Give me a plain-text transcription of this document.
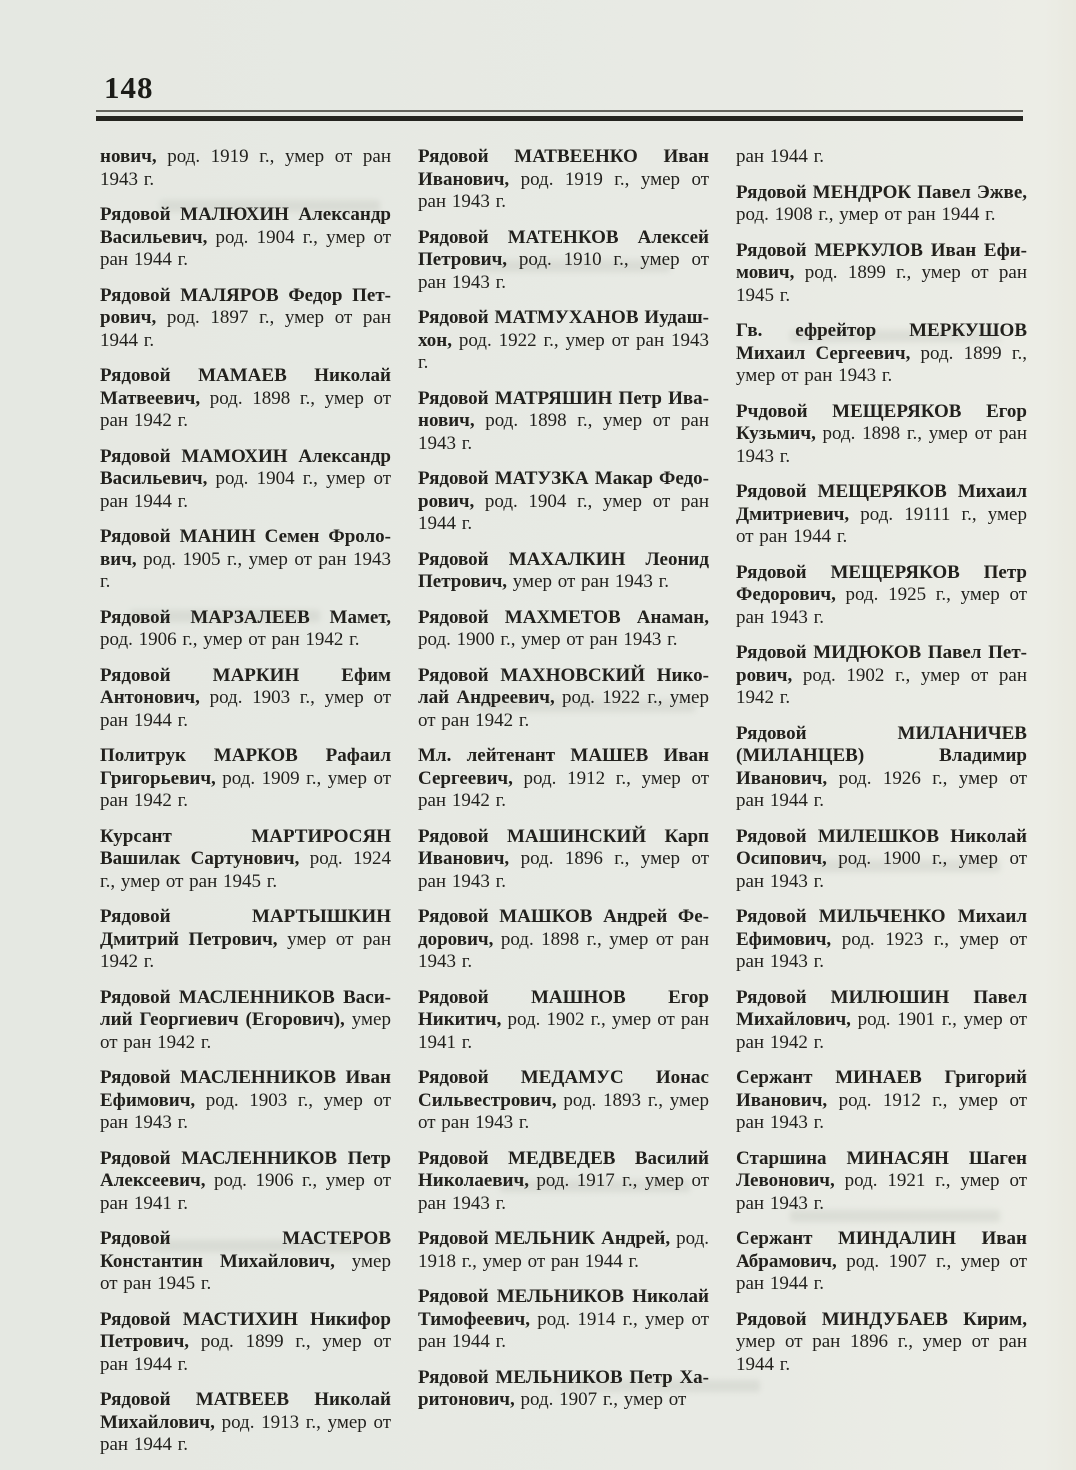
148

нович, род. 1919 г., умер от ран 1943 г.

Рядовой МАЛЮХИН Александр Васильевич, род. 1904 г., умер от ран 1944 г.

Рядовой МАЛЯРОВ Федор Петрович, род. 1897 г., умер от ран 1944 г.

Рядовой МАМАЕВ Николай Матвеевич, род. 1898 г., умер от ран 1942 г.

Рядовой МАМОХИН Александр Васильевич, род. 1904 г., умер от ран 1944 г.

Рядовой МАНИН Семен Фролович, род. 1905 г., умер от ран 1943 г.

Рядовой МАРЗАЛЕЕВ Мамет, род. 1906 г., умер от ран 1942 г.

Рядовой МАРКИН Ефим Антонович, род. 1903 г., умер от ран 1944 г.

Политрук МАРКОВ Рафаил Григорьевич, род. 1909 г., умер от ран 1942 г.

Курсант МАРТИРОСЯН Вашилак Сартунович, род. 1924 г., умер от ран 1945 г.

Рядовой МАРТЫШКИН Дмитрий Петрович, умер от ран 1942 г.

Рядовой МАСЛЕННИКОВ Василий Георгиевич (Егорович), умер от ран 1942 г.

Рядовой МАСЛЕННИКОВ Иван Ефимович, род. 1903 г., умер от ран 1943 г.

Рядовой МАСЛЕННИКОВ Петр Алексеевич, род. 1906 г., умер от ран 1941 г.

Рядовой МАСТЕРОВ Константин Михайлович, умер от ран 1945 г.

Рядовой МАСТИХИН Никифор Петрович, род. 1899 г., умер от ран 1944 г.

Рядовой МАТВЕЕВ Николай Михайлович, род. 1913 г., умер от ран 1944 г.

Рядовой МАТВЕЕНКО Иван Иванович, род. 1919 г., умер от ран 1943 г.

Рядовой МАТЕНКОВ Алексей Петрович, род. 1910 г., умер от ран 1943 г.

Рядовой МАТМУХАНОВ Иудашхон, род. 1922 г., умер от ран 1943 г.

Рядовой МАТРЯШИН Петр Иванович, род. 1898 г., умер от ран 1943 г.

Рядовой МАТУЗКА Макар Федорович, род. 1904 г., умер от ран 1944 г.

Рядовой МАХАЛКИН Леонид Петрович, умер от ран 1943 г.

Рядовой МАХМЕТОВ Анаман, род. 1900 г., умер от ран 1943 г.

Рядовой МАХНОВСКИЙ Николай Андреевич, род. 1922 г., умер от ран 1942 г.

Мл. лейтенант МАШЕВ Иван Сергеевич, род. 1912 г., умер от ран 1942 г.

Рядовой МАШИНСКИЙ Карп Иванович, род. 1896 г., умер от ран 1943 г.

Рядовой МАШКОВ Андрей Федорович, род. 1898 г., умер от ран 1943 г.

Рядовой МАШНОВ Егор Никитич, род. 1902 г., умер от ран 1941 г.

Рядовой МЕДАМУС Ионас Сильвестрович, род. 1893 г., умер от ран 1943 г.

Рядовой МЕДВЕДЕВ Василий Николаевич, род. 1917 г., умер от ран 1943 г.

Рядовой МЕЛЬНИК Андрей, род. 1918 г., умер от ран 1944 г.

Рядовой МЕЛЬНИКОВ Николай Тимофеевич, род. 1914 г., умер от ран 1944 г.

Рядовой МЕЛЬНИКОВ Петр Харитонович, род. 1907 г., умер от

ран 1944 г.

Рядовой МЕНДРОК Павел Эжве, род. 1908 г., умер от ран 1944 г.

Рядовой МЕРКУЛОВ Иван Ефимович, род. 1899 г., умер от ран 1945 г.

Гв. ефрейтор МЕРКУШОВ Михаил Сергеевич, род. 1899 г., умер от ран 1943 г.

Рчдовой МЕЩЕРЯКОВ Егор Кузьмич, род. 1898 г., умер от ран 1943 г.

Рядовой МЕЩЕРЯКОВ Михаил Дмитриевич, род. 19111 г., умер от ран 1944 г.

Рядовой МЕЩЕРЯКОВ Петр Федорович, род. 1925 г., умер от ран 1943 г.

Рядовой МИДЮКОВ Павел Петрович, род. 1902 г., умер от ран 1942 г.

Рядовой МИЛАНИЧЕВ (МИЛАНЦЕВ) Владимир Иванович, род. 1926 г., умер от ран 1944 г.

Рядовой МИЛЕШКОВ Николай Осипович, род. 1900 г., умер от ран 1943 г.

Рядовой МИЛЬЧЕНКО Михаил Ефимович, род. 1923 г., умер от ран 1943 г.

Рядовой МИЛЮШИН Павел Михайлович, род. 1901 г., умер от ран 1942 г.

Сержант МИНАЕВ Григорий Иванович, род. 1912 г., умер от ран 1943 г.

Старшина МИНАСЯН Шаген Левонович, род. 1921 г., умер от ран 1943 г.

Сержант МИНДАЛИН Иван Абрамович, род. 1907 г., умер от ран 1944 г.

Рядовой МИНДУБАЕВ Кирим, умер от ран 1896 г., умер от ран 1944 г.
